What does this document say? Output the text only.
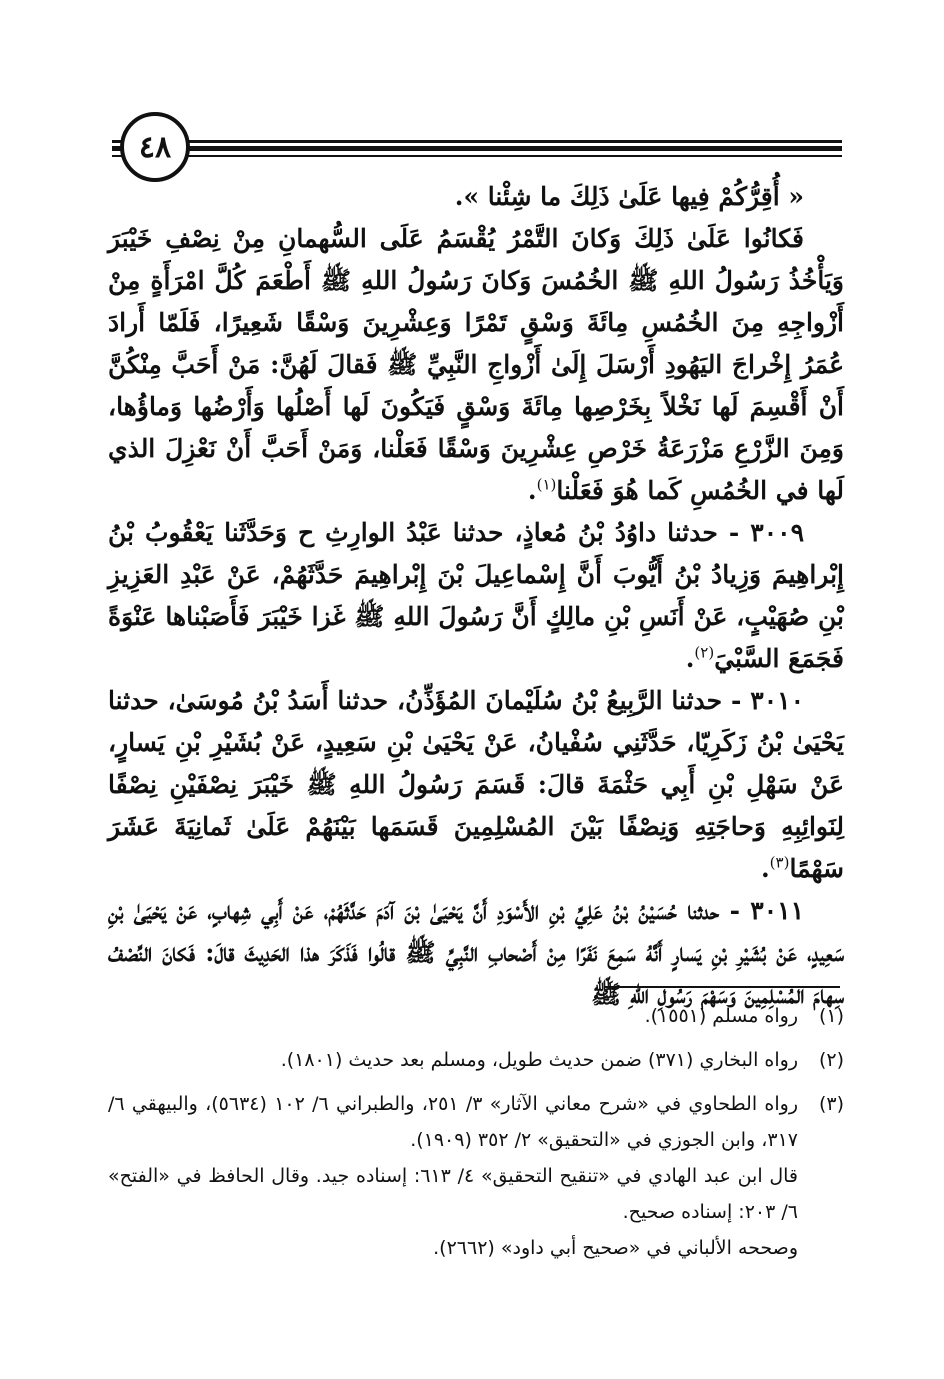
٤٨

« أُقِرُّكُمْ فِيها عَلَىٰ ذَلِكَ ما شِئْنا ».

فَكانُوا عَلَىٰ ذَلِكَ وَكانَ التَّمْرُ يُقْسَمُ عَلَى السُّهمانِ مِنْ نِصْفِ خَيْبَرَ وَيَأْخُذُ رَسُولُ اللهِ ﷺ الخُمُسَ وَكانَ رَسُولُ اللهِ ﷺ أَطْعَمَ كُلَّ امْرَأَةٍ مِنْ أَزْواجِهِ مِنَ الخُمُسِ مِائَةَ وَسْقٍ تَمْرًا وَعِشْرِينَ وَسْقًا شَعِيرًا، فَلَمّا أَرادَ عُمَرُ إِخْراجَ اليَهُودِ أَرْسَلَ إِلَىٰ أَزْواجِ النَّبِيِّ ﷺ فَقالَ لَهُنَّ: مَنْ أَحَبَّ مِنْكُنَّ أَنْ أَقْسِمَ لَها نَخْلاً بِخَرْصِها مِائَةَ وَسْقٍ فَيَكُونَ لَها أَصْلُها وَأَرْضُها وَماؤُها، وَمِنَ الزَّرْعِ مَزْرَعَةُ خَرْصِ عِشْرِينَ وَسْقًا فَعَلْنا، وَمَنْ أَحَبَّ أَنْ نَعْزِلَ الذي لَها في الخُمُسِ كَما هُوَ فَعَلْنا$^{(١)}$.

٣٠٠٩ - حدثنا داوُدُ بْنُ مُعاذٍ، حدثنا عَبْدُ الوارِثِ ح وَحَدَّثَنا يَعْقُوبُ بْنُ إِبْراهِيمَ وَزِيادُ بْنُ أَيُّوبَ أَنَّ إِسْماعِيلَ بْنَ إِبْراهِيمَ حَدَّثَهُمْ، عَنْ عَبْدِ العَزِيزِ بْنِ صُهَيْبٍ، عَنْ أَنَسِ بْنِ مالِكٍ أَنَّ رَسُولَ اللهِ ﷺ غَزا خَيْبَرَ فَأَصَبْناها عَنْوَةً فَجَمَعَ السَّبْيَ$^{(٢)}$.

٣٠١٠ - حدثنا الرَّبِيعُ بْنُ سُلَيْمانَ المُؤَذِّنُ، حدثنا أَسَدُ بْنُ مُوسَىٰ، حدثنا يَحْيَىٰ بْنُ زَكَرِيّا، حَدَّثَنِي سُفْيانُ، عَنْ يَحْيَىٰ بْنِ سَعِيدٍ، عَنْ بُشَيْرِ بْنِ يَسارٍ، عَنْ سَهْلِ بْنِ أَبِي حَثْمَةَ قالَ: قَسَمَ رَسُولُ اللهِ ﷺ خَيْبَرَ نِصْفَيْنِ نِصْفًا لِنَوائِبِهِ وَحاجَتِهِ وَنِصْفًا بَيْنَ المُسْلِمِينَ قَسَمَها بَيْنَهُمْ عَلَىٰ ثَمانِيَةَ عَشَرَ سَهْمًا$^{(٣)}$.

٣٠١١ - حدثنا حُسَيْنُ بْنُ عَلِيِّ بْنِ الأَسْوَدِ أَنَّ يَحْيَىٰ بْنَ آدَمَ حَدَّثَهُمْ، عَنْ أَبِي شِهابٍ، عَنْ يَحْيَىٰ بْنِ سَعِيدٍ، عَنْ بُشَيْرِ بْنِ يَسارٍ أَنَّهُ سَمِعَ نَفَرًا مِنْ أَصْحابِ النَّبِيِّ ﷺ قالُوا فَذَكَرَ هذا الحَدِيثَ قالَ: فَكانَ النِّصْفُ سِهامَ المُسْلِمِينَ وَسَهْمَ رَسُولِ اللهِ ﷺ

(١)
رواه مسلم (١٥٥١).
(٢)
رواه البخاري (٣٧١) ضمن حديث طويل، ومسلم بعد حديث (١٨٠١).
(٣)
رواه الطحاوي في «شرح معاني الآثار» ٣/ ٢٥١، والطبراني ٦/ ١٠٢ (٥٦٣٤)، والبيهقي ٦/ ٣١٧، وابن الجوزي في «التحقيق» ٢/ ٣٥٢ (١٩٠٩).
قال ابن عبد الهادي في «تنقيح التحقيق» ٤/ ٦١٣: إسناده جيد. وقال الحافظ في «الفتح» ٦/ ٢٠٣: إسناده صحيح.
وصححه الألباني في «صحيح أبي داود» (٢٦٦٢).
